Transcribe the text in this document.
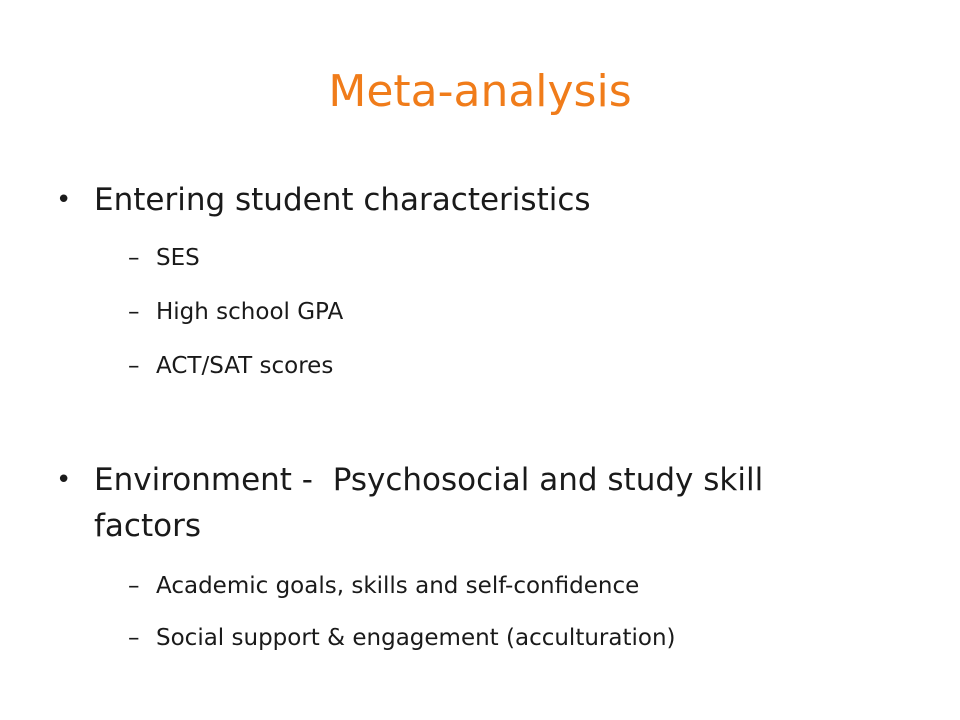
Meta-analysis
• Entering student characteristics
– SES
– High school GPA
– ACT/SAT scores
• Environment -  Psychosocial and study skill factors
– Academic goals, skills and self-confidence
– Social support & engagement (acculturation)
